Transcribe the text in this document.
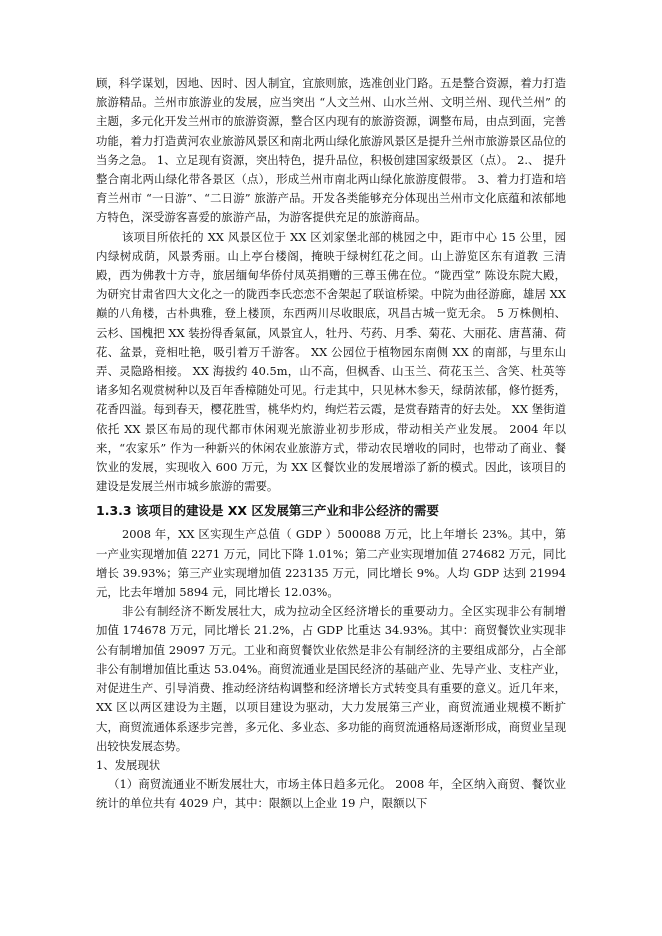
顾，科学谋划，因地、因时、因人制宜，宜旅则旅，选准创业门路。五是整合资源，着力打造旅游精品。兰州市旅游业的发展，应当突出 “人文兰州、山水兰州、文明兰州、现代兰州” 的主题，多元化开发兰州市的旅游资源，整合区内现有的旅游资源，调整布局，由点到面，完善功能，着力打造黄河农业旅游风景区和南北两山绿化旅游风景区是提升兰州市旅游景区品位的当务之急。 1、立足现有资源，突出特色，提升品位，积极创建国家级景区（点）。 2.、 提升整合南北两山绿化带各景区（点），形成兰州市南北两山绿化旅游度假带。 3、着力打造和培育兰州市 “一日游”、“二日游” 旅游产品。开发各类能够充分体现出兰州市文化底蕴和浓郁地方特色，深受游客喜爱的旅游产品，为游客提供充足的旅游商品。

该项目所依托的 XX 风景区位于 XX 区刘家堡北部的桃园之中，距市中心 15 公里，园内绿树成荫，风景秀丽。山上亭台楼阁，掩映于绿树红花之间。山上游览区东有道教 三清殿，西为佛教十方寺，旅居缅甸华侨付凤英捐赠的三尊玉佛在位。“陇西堂” 陈设东院大殿，为研究甘肃省四大文化之一的陇西李氏恋恋不舍架起了联谊桥梁。中院为曲径游廊，雄居 XX 巅的八角楼，古朴典雅，登上楼顶，东西两川尽收眼底，巩昌古城一览无余。 5 万株侧柏、云杉、国槐把 XX 装扮得香氣氤，风景宜人，牡丹、芍药、月季、菊花、大丽花、唐菖蒲、荷花、盆景，竞相吐艳，吸引着万千游客。 XX 公园位于植物园东南侧 XX 的南部，与里东山弄、灵隐路相接。 XX 海拔约 40.5m，山不高，但枫香、山玉兰、荷花玉兰、含笑、杜英等诸多知名观赏树种以及百年香樟随处可见。行走其中，只见林木参天，绿荫浓郁，修竹挺秀，花香四溢。每到春天，樱花胜雪，桃华灼灼，绚烂若云霞，是赏春踏青的好去处。 XX 堡街道依托 XX 景区布局的现代都市休闲观光旅游业初步形成，带动相关产业发展。 2004 年以来，“农家乐” 作为一种新兴的休闲农业旅游方式，带动农民增收的同时，也带动了商业、餐饮业的发展，实现收入 600 万元，为 XX 区餐饮业的发展增添了新的模式。因此，该项目的建设是发展兰州市城乡旅游的需要。

1.3.3 该项目的建设是 XX 区发展第三产业和非公经济的需要

2008 年，XX 区实现生产总值（ GDP ）500088 万元，比上年增长 23%。其中，第一产业实现增加值 2271 万元，同比下降 1.01%；第二产业实现增加值 274682 万元，同比增长 39.93%；第三产业实现增加值 223135 万元，同比增长 9%。人均 GDP 达到 21994 元，比去年增加 5894 元，同比增长 12.03%。

非公有制经济不断发展壮大，成为拉动全区经济增长的重要动力。全区实现非公有制增加值 174678 万元，同比增长 21.2%，占 GDP 比重达 34.93%。其中：商贸餐饮业实现非公有制增加值 29097 万元。工业和商贸餐饮业依然是非公有制经济的主要组成部分，占全部非公有制增加值比重达 53.04%。商贸流通业是国民经济的基础产业、先导产业、支柱产业，对促进生产、引导消费、推动经济结构调整和经济增长方式转变具有重要的意义。近几年来， XX 区以两区建设为主题，以项目建设为驱动，大力发展第三产业，商贸流通业规模不断扩大，商贸流通体系逐步完善，多元化、多业态、多功能的商贸流通格局逐渐形成，商贸业呈现出较快发展态势。

1、发展现状

（1）商贸流通业不断发展壮大，市场主体日趋多元化。 2008 年，全区纳入商贸、餐饮业统计的单位共有 4029 户，其中：限额以上企业 19 户，限额以下
